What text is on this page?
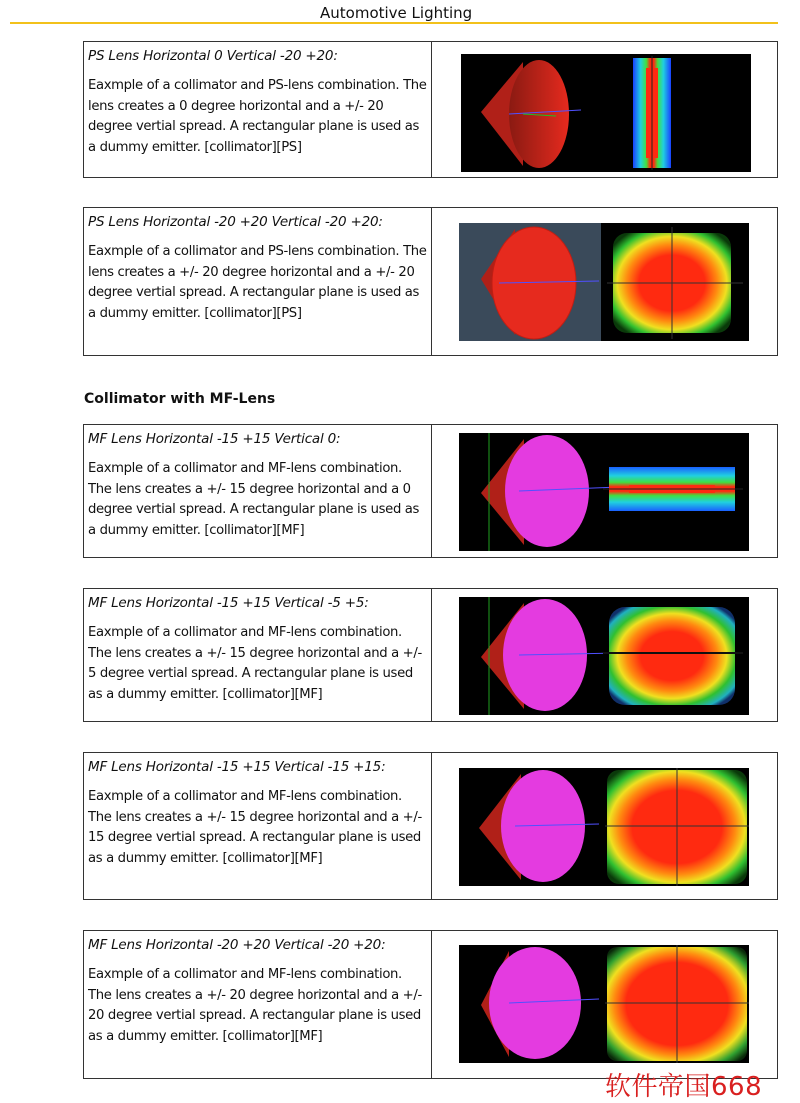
Automotive Lighting

PS Lens Horizontal 0 Vertical -20 +20:

Eaxmple of a collimator and PS-lens combination. The lens creates a 0 degree horizontal and a +/- 20 degree vertial spread. A rectangular plane is used as a dummy emitter. [collimator][PS]

PS Lens Horizontal -20 +20 Vertical -20 +20:

Eaxmple of a collimator and PS-lens combination. The lens creates a +/- 20 degree horizontal and a +/- 20 degree vertial spread. A rectangular plane is used as a dummy emitter. [collimator][PS]

Collimator with MF-Lens

MF Lens Horizontal -15 +15 Vertical 0:

Eaxmple of a collimator and MF-lens combination. The lens creates a +/- 15 degree horizontal and a 0 degree vertial spread. A rectangular plane is used as a dummy emitter. [collimator][MF]

MF Lens Horizontal -15 +15 Vertical -5 +5:

Eaxmple of a collimator and MF-lens combination. The lens creates a +/- 15 degree horizontal and a +/- 5 degree vertial spread. A rectangular plane is used as a dummy emitter. [collimator][MF]

MF Lens Horizontal -15 +15 Vertical -15 +15:

Eaxmple of a collimator and MF-lens combination. The lens creates a +/- 15 degree horizontal and a +/- 15 degree vertial spread. A rectangular plane is used as a dummy emitter. [collimator][MF]

MF Lens Horizontal -20 +20 Vertical -20 +20:

Eaxmple of a collimator and MF-lens combination. The lens creates a +/- 20 degree horizontal and a +/- 20 degree vertial spread. A rectangular plane is used as a dummy emitter. [collimator][MF]

软件帝国668
